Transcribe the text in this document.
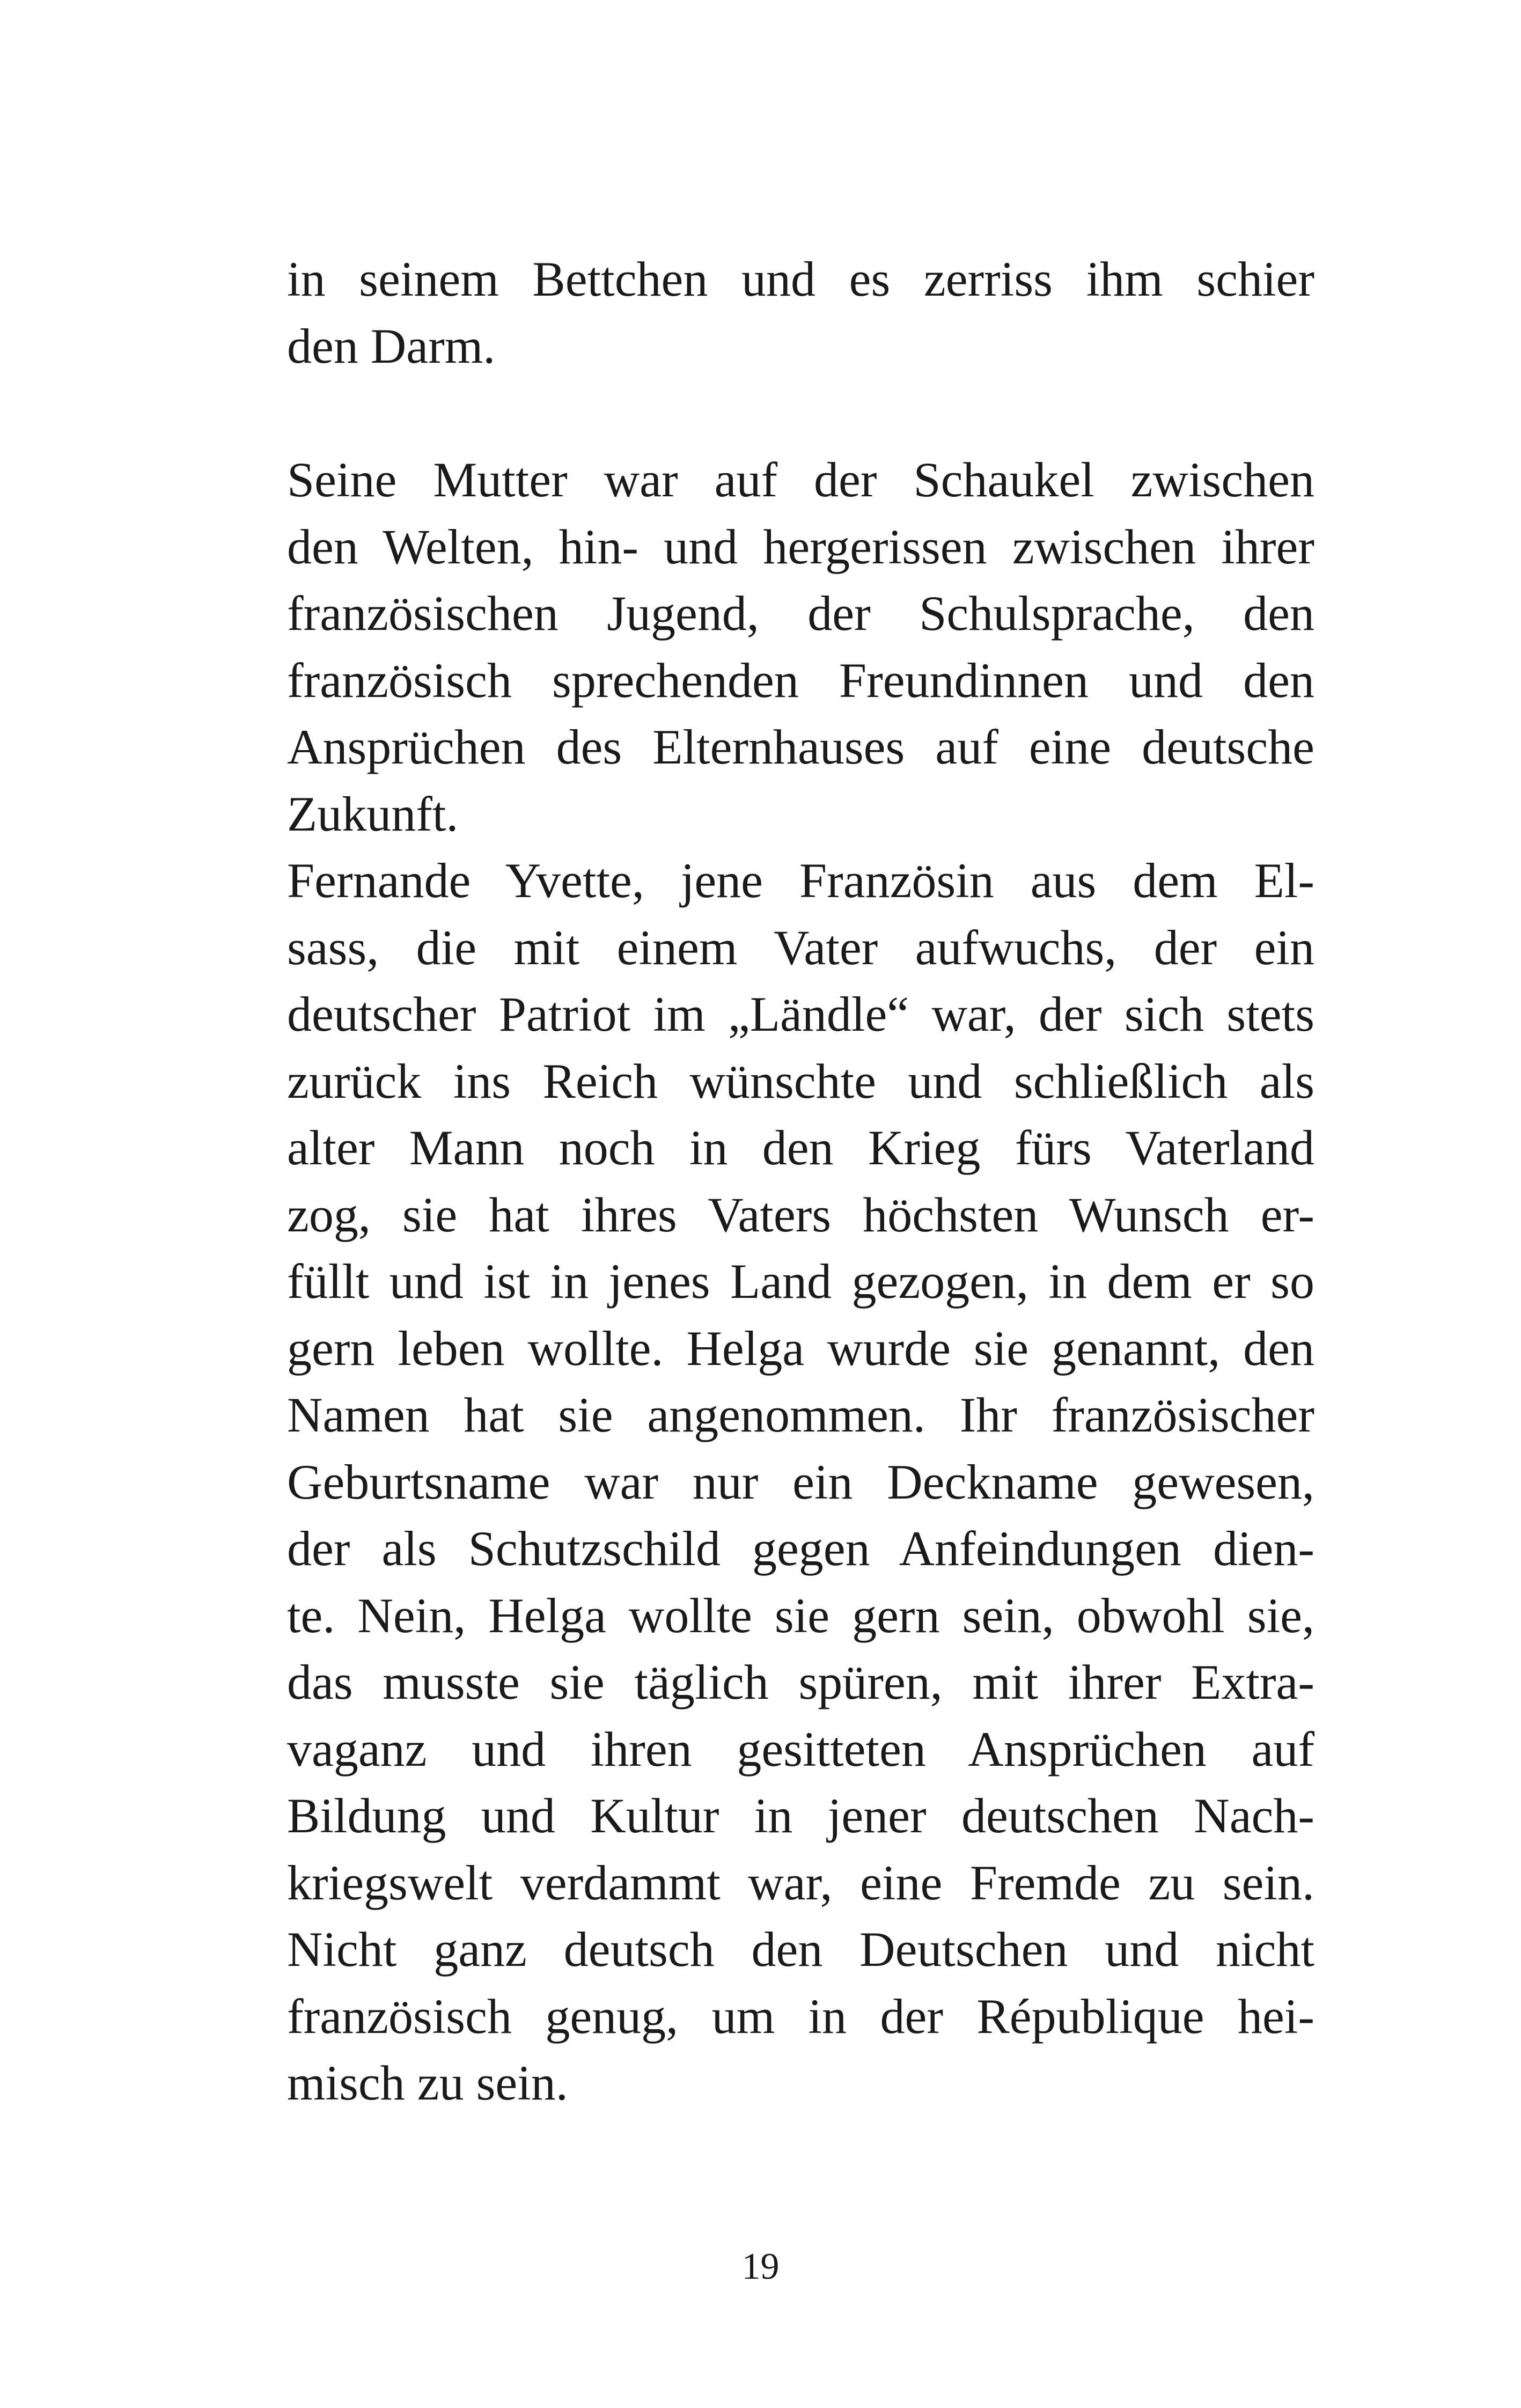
in seinem Bettchen und es zerriss ihm schier
den Darm.
Seine Mutter war auf der Schaukel zwischen
den Welten, hin- und hergerissen zwischen ihrer
französischen Jugend, der Schulsprache, den
französisch sprechenden Freundinnen und den
Ansprüchen des Elternhauses auf eine deutsche
Zukunft.
Fernande Yvette, jene Französin aus dem El-
sass, die mit einem Vater aufwuchs, der ein
deutscher Patriot im „Ländle“ war, der sich stets
zurück ins Reich wünschte und schließlich als
alter Mann noch in den Krieg fürs Vaterland
zog, sie hat ihres Vaters höchsten Wunsch er-
füllt und ist in jenes Land gezogen, in dem er so
gern leben wollte. Helga wurde sie genannt, den
Namen hat sie angenommen. Ihr französischer
Geburtsname war nur ein Deckname gewesen,
der als Schutzschild gegen Anfeindungen dien-
te. Nein, Helga wollte sie gern sein, obwohl sie,
das musste sie täglich spüren, mit ihrer Extra-
vaganz und ihren gesitteten Ansprüchen auf
Bildung und Kultur in jener deutschen Nach-
kriegswelt verdammt war, eine Fremde zu sein.
Nicht ganz deutsch den Deutschen und nicht
französisch genug, um in der République hei-
misch zu sein.
19
